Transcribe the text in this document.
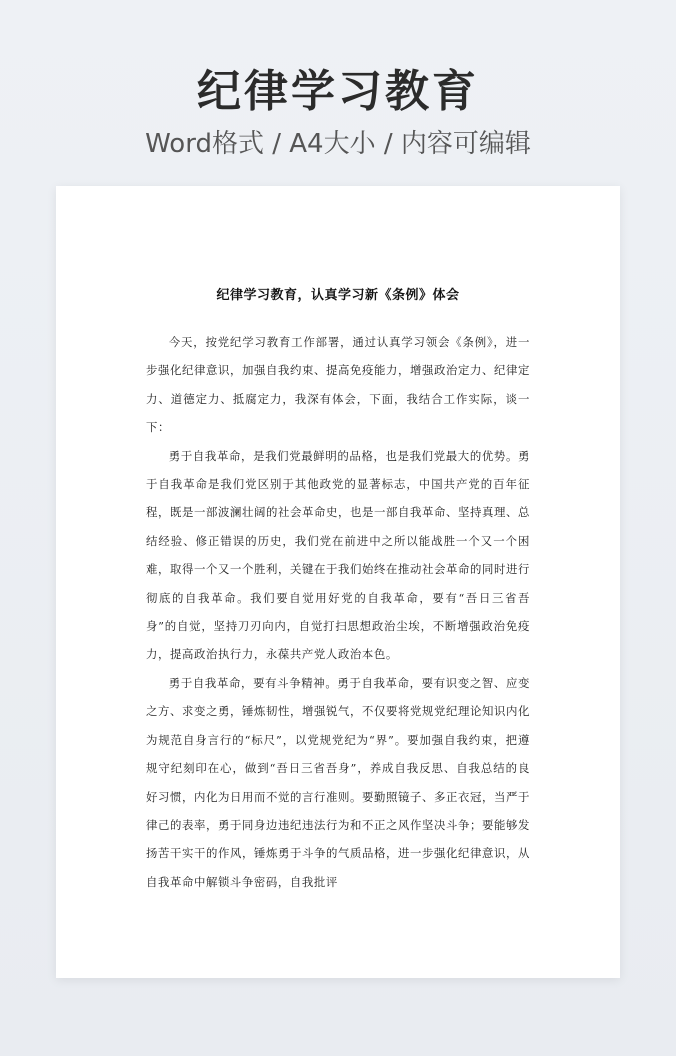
纪律学习教育
Word格式 / A4大小 / 内容可编辑
纪律学习教育，认真学习新《条例》体会

今天，按党纪学习教育工作部署，通过认真学习领会《条例》，进一步强化纪律意识，加强自我约束、提高免疫能力，增强政治定力、纪律定力、道德定力、抵腐定力，我深有体会，下面，我结合工作实际，谈一下：

勇于自我革命，是我们党最鲜明的品格，也是我们党最大的优势。勇于自我革命是我们党区别于其他政党的显著标志，中国共产党的百年征程，既是一部波澜壮阔的社会革命史，也是一部自我革命、坚持真理、总结经验、修正错误的历史，我们党在前进中之所以能战胜一个又一个困难，取得一个又一个胜利，关键在于我们始终在推动社会革命的同时进行彻底的自我革命。我们要自觉用好党的自我革命，要有“吾日三省吾身”的自觉，坚持刀刃向内，自觉打扫思想政治尘埃，不断增强政治免疫力，提高政治执行力，永葆共产党人政治本色。

勇于自我革命，要有斗争精神。勇于自我革命，要有识变之智、应变之方、求变之勇，锤炼韧性，增强锐气，不仅要将党规党纪理论知识内化为规范自身言行的“标尺”，以党规党纪为“界”。要加强自我约束，把遵规守纪刻印在心，做到“吾日三省吾身”，养成自我反思、自我总结的良好习惯，内化为日用而不觉的言行准则。要勤照镜子、多正衣冠，当严于律己的表率，勇于同身边违纪违法行为和不正之风作坚决斗争；要能够发扬苦干实干的作风，锤炼勇于斗争的气质品格，进一步强化纪律意识，从自我革命中解锁斗争密码，自我批评
